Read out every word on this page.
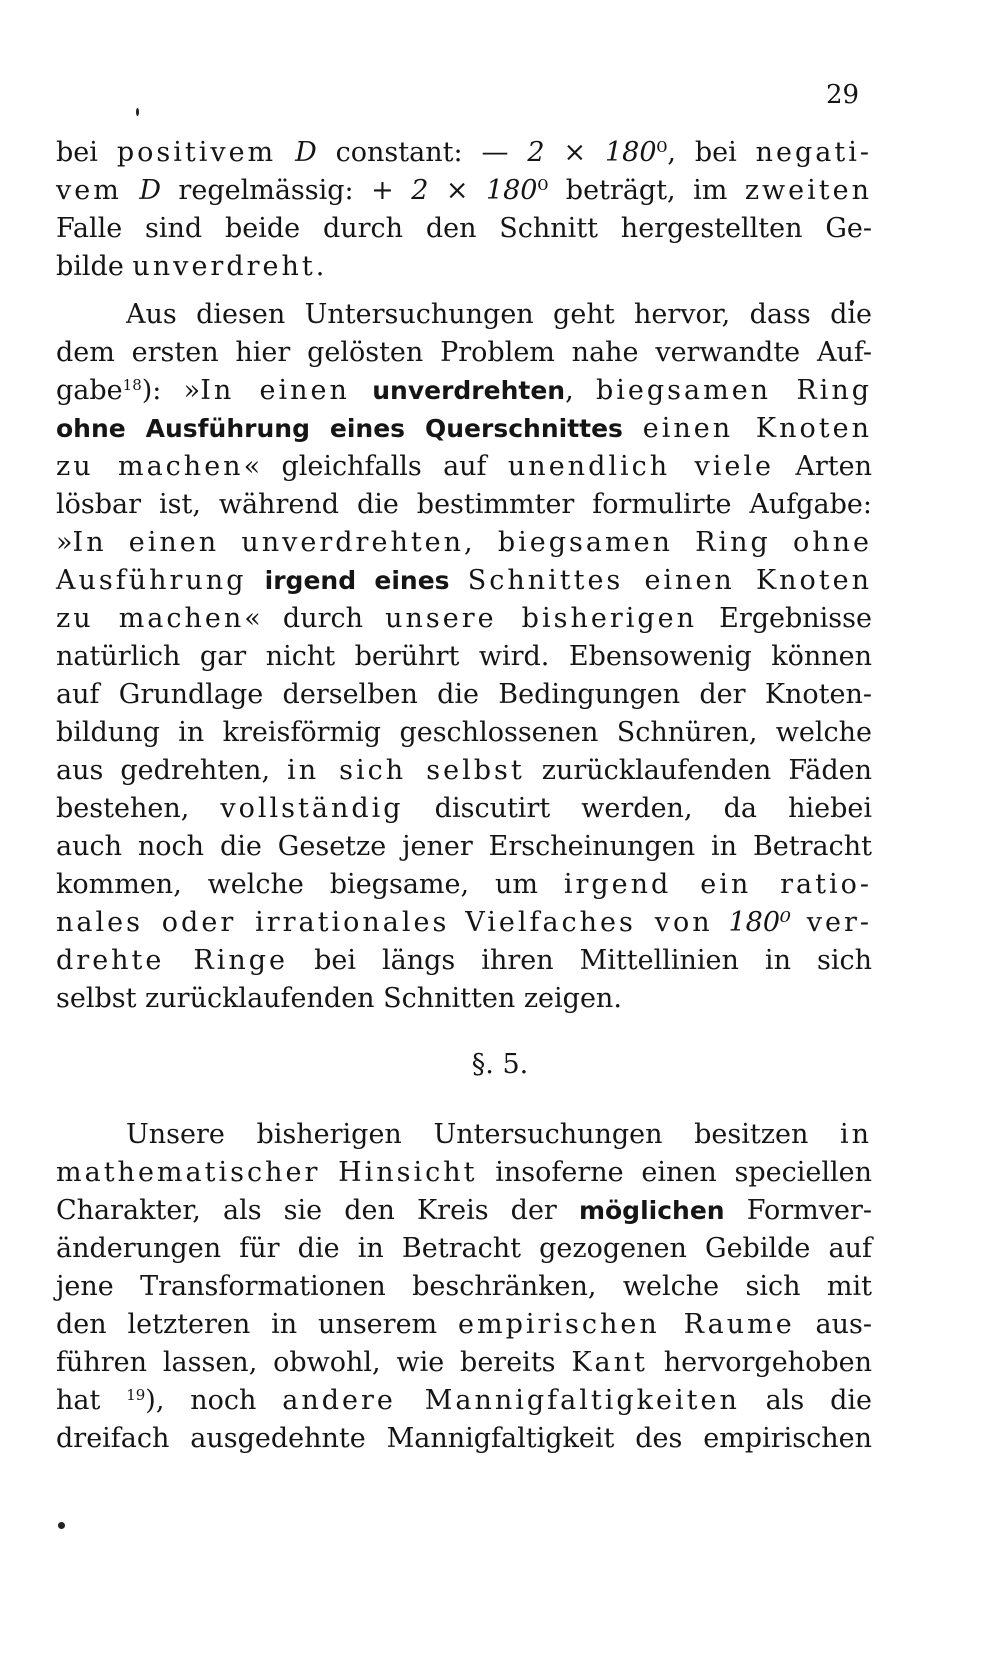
29
bei positivem D constant: — 2 × 180⁰, bei negati-
vem D regelmässig: + 2 × 180⁰ beträgt, im zweiten
Falle sind beide durch den Schnitt hergestellten Ge-
bilde unverdreht.
Aus diesen Untersuchungen geht hervor, dass die
dem ersten hier gelösten Problem nahe verwandte Auf-
gabe$^{18}$): »In einen unverdrehten, biegsamen Ring
ohne Ausführung eines Querschnittes einen Knoten
zu machen« gleichfalls auf unendlich viele Arten
lösbar ist, während die bestimmter formulirte Aufgabe:
»In einen unverdrehten, biegsamen Ring ohne
Ausführung irgend eines Schnittes einen Knoten
zu machen« durch unsere bisherigen Ergebnisse
natürlich gar nicht berührt wird. Ebensowenig können
auf Grundlage derselben die Bedingungen der Knoten-
bildung in kreisförmig geschlossenen Schnüren, welche
aus gedrehten, in sich selbst zurücklaufenden Fäden
bestehen, vollständig discutirt werden, da hiebei
auch noch die Gesetze jener Erscheinungen in Betracht
kommen, welche biegsame, um irgend ein ratio-
nales oder irrationales Vielfaches von 180⁰ ver-
drehte Ringe bei längs ihren Mittellinien in sich
selbst zurücklaufenden Schnitten zeigen.
§. 5.
Unsere bisherigen Untersuchungen besitzen in
mathematischer Hinsicht insoferne einen speciellen
Charakter, als sie den Kreis der möglichen Formver-
änderungen für die in Betracht gezogenen Gebilde auf
jene Transformationen beschränken, welche sich mit
den letzteren in unserem empirischen Raume aus-
führen lassen, obwohl, wie bereits Kant hervorgehoben
hat $^{19}$), noch andere Mannigfaltigkeiten als die
dreifach ausgedehnte Mannigfaltigkeit des empirischen
